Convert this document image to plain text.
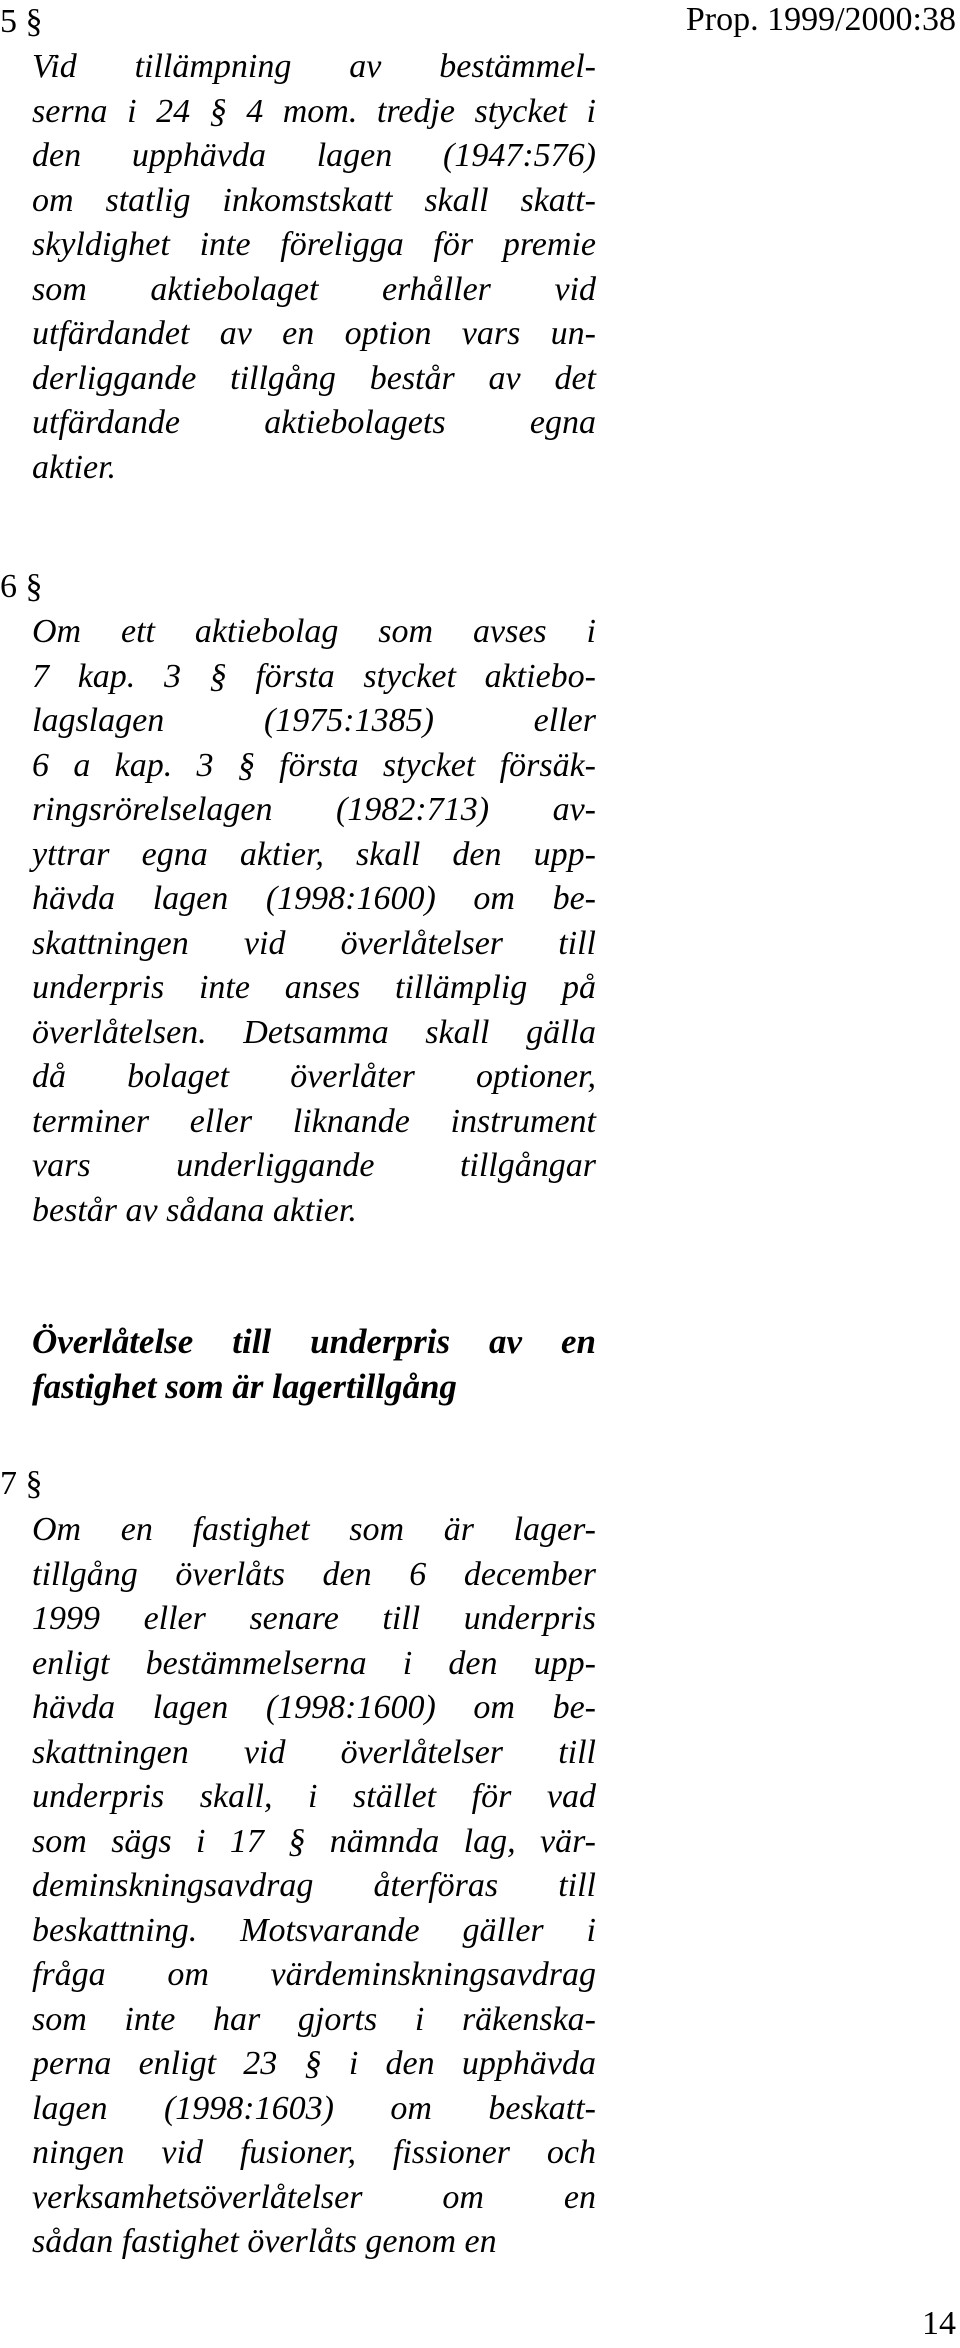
Prop. 1999/2000:38
5 §
Vid tillämpning av bestämmel-
serna i 24 § 4 mom. tredje stycket i
den upphävda lagen (1947:576)
om statlig inkomstskatt skall skatt-
skyldighet inte föreligga för premie
som aktiebolaget erhåller vid
utfärdandet av en option vars un-
derliggande tillgång består av det
utfärdande aktiebolagets egna
aktier.
6 §
Om ett aktiebolag som avses i
7 kap. 3 § första stycket aktiebo-
lagslagen (1975:1385) eller
6 a kap. 3 § första stycket försäk-
ringsrörelselagen (1982:713) av-
yttrar egna aktier, skall den upp-
hävda lagen (1998:1600) om be-
skattningen vid överlåtelser till
underpris inte anses tillämplig på
överlåtelsen. Detsamma skall gälla
då bolaget överlåter optioner,
terminer eller liknande instrument
vars underliggande tillgångar
består av sådana aktier.
Överlåtelse till underpris av en
fastighet som är lagertillgång
7 §
Om en fastighet som är lager-
tillgång överlåts den 6 december
1999 eller senare till underpris
enligt bestämmelserna i den upp-
hävda lagen (1998:1600) om be-
skattningen vid överlåtelser till
underpris skall, i stället för vad
som sägs i 17 § nämnda lag, vär-
deminskningsavdrag återföras till
beskattning. Motsvarande gäller i
fråga om värdeminskningsavdrag
som inte har gjorts i räkenska-
perna enligt 23 § i den upphävda
lagen (1998:1603) om beskatt-
ningen vid fusioner, fissioner och
verksamhetsöverlåtelser om en
sådan fastighet överlåts genom en
14
